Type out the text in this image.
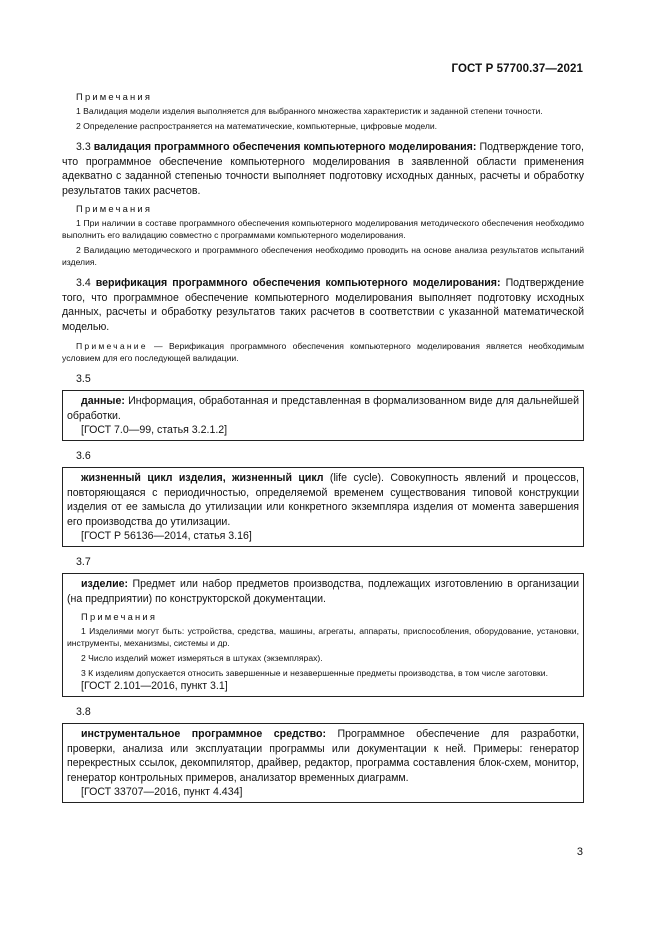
ГОСТ Р 57700.37—2021

Примечания

1 Валидация модели изделия выполняется для выбранного множества характеристик и заданной степени точности.

2 Определение распространяется на математические, компьютерные, цифровые модели.

3.3 валидация программного обеспечения компьютерного моделирования: Подтверждение того, что программное обеспечение компьютерного моделирования в заявленной области применения адекватно с заданной степенью точности выполняет подготовку исходных данных, расчеты и обработку результатов таких расчетов.

Примечания

1 При наличии в составе программного обеспечения компьютерного моделирования методического обеспечения необходимо выполнить его валидацию совместно с программами компьютерного моделирования.

2 Валидацию методического и программного обеспечения необходимо проводить на основе анализа результатов испытаний изделия.

3.4 верификация программного обеспечения компьютерного моделирования: Подтверждение того, что программное обеспечение компьютерного моделирования выполняет подготовку исходных данных, расчеты и обработку результатов таких расчетов в соответствии с указанной математической моделью.

Примечание — Верификация программного обеспечения компьютерного моделирования является необходимым условием для его последующей валидации.

3.5

данные: Информация, обработанная и представленная в формализованном виде для дальнейшей обработки.

[ГОСТ 7.0—99, статья 3.2.1.2]

3.6

жизненный цикл изделия, жизненный цикл (life cycle). Совокупность явлений и процессов, повторяющаяся с периодичностью, определяемой временем существования типовой конструкции изделия от ее замысла до утилизации или конкретного экземпляра изделия от момента завершения его производства до утилизации.

[ГОСТ Р 56136—2014, статья 3.16]

3.7

изделие: Предмет или набор предметов производства, подлежащих изготовлению в организации (на предприятии) по конструкторской документации.

Примечания

1 Изделиями могут быть: устройства, средства, машины, агрегаты, аппараты, приспособления, оборудование, установки, инструменты, механизмы, системы и др.

2 Число изделий может измеряться в штуках (экземплярах).

3 К изделиям допускается относить завершенные и незавершенные предметы производства, в том числе заготовки.

[ГОСТ 2.101—2016, пункт 3.1]

3.8

инструментальное программное средство: Программное обеспечение для разработки, проверки, анализа или эксплуатации программы или документации к ней. Примеры: генератор перекрестных ссылок, декомпилятор, драйвер, редактор, программа составления блок-схем, монитор, генератор контрольных примеров, анализатор временных диаграмм.

[ГОСТ 33707—2016, пункт 4.434]

3
